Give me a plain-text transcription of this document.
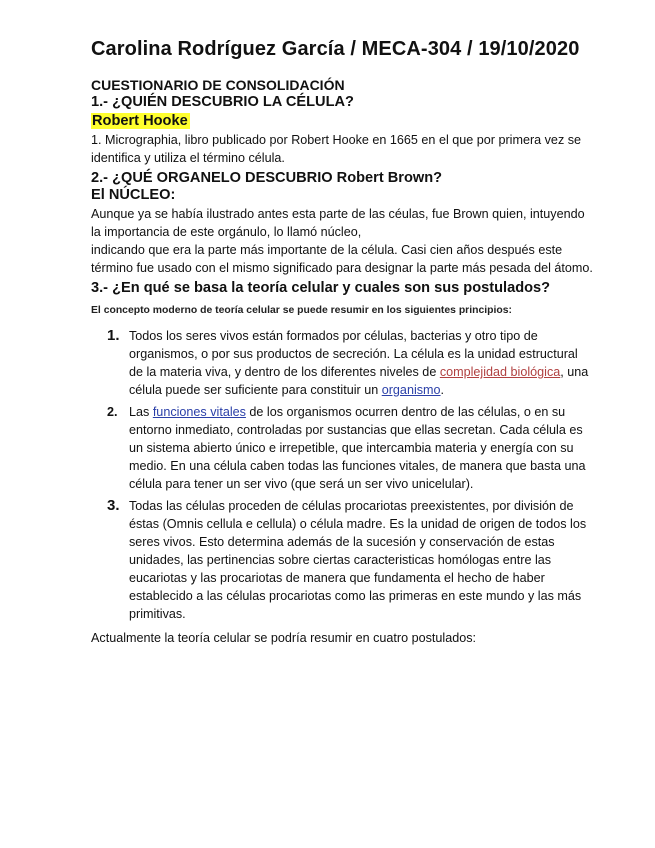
Carolina Rodríguez García / MECA-304 / 19/10/2020

CUESTIONARIO DE CONSOLIDACIÓN

1.- ¿QUIÉN DESCUBRIO LA CÉLULA?

Robert Hooke

1. Micrographia, libro publicado por Robert Hooke en 1665 en el que por primera vez se identifica y utiliza el término célula.

2.- ¿QUÉ ORGANELO DESCUBRIO Robert Brown?

El NÚCLEO:

Aunque ya se había ilustrado antes esta parte de las céulas, fue Brown quien, intuyendo la importancia de este orgánulo, lo llamó núcleo,

indicando que era la parte más importante de la célula. Casi cien años después este término fue usado con el mismo significado para designar la parte más pesada del átomo.

3.- ¿En qué se basa la teoría celular y cuales son sus postulados?

El concepto moderno de teoría celular se puede resumir en los siguientes principios:

1. Todos los seres vivos están formados por células, bacterias y otro tipo de organismos, o por sus productos de secreción. La célula es la unidad estructural de la materia viva, y dentro de los diferentes niveles de complejidad biológica, una célula puede ser suficiente para constituir un organismo.
2. Las funciones vitales de los organismos ocurren dentro de las células, o en su entorno inmediato, controladas por sustancias que ellas secretan. Cada célula es un sistema abierto único e irrepetible, que intercambia materia y energía con su medio. En una célula caben todas las funciones vitales, de manera que basta una célula para tener un ser vivo (que será un ser vivo unicelular).
3. Todas las células proceden de células procariotas preexistentes, por división de éstas (Omnis cellula e cellula) o célula madre. Es la unidad de origen de todos los seres vivos. Esto determina además de la sucesión y conservación de estas unidades, las pertinencias sobre ciertas caracteristicas homólogas entre las eucariotas y las procariotas de manera que fundamenta el hecho de haber establecido a las células procariotas como las primeras en este mundo y las más primitivas.

Actualmente la teoría celular se podría resumir en cuatro postulados:
